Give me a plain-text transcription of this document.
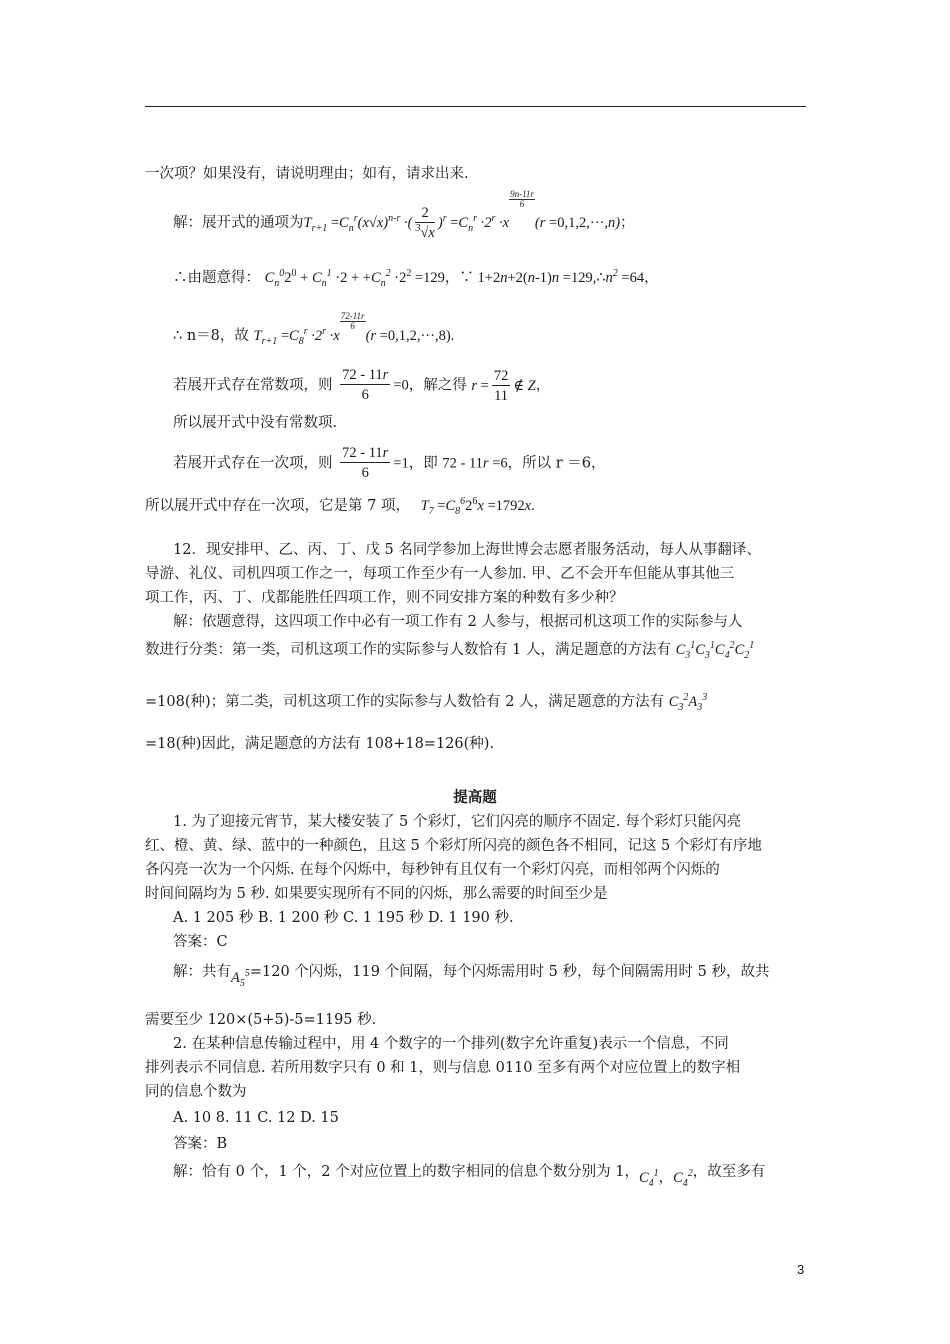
一次项？如果没有，请说明理由；如有，请求出来.
解：展开式的通项为$T_{r+1} =C_n^r(x√x)^{n-r}$ ·( $\frac{2}{^3√x} )^r =C_n^r \cdot 2^r \cdot x$
$\frac{9n-11r}{6}(r =0,1,2,\cdot\cdot\cdot,n)$；
∴由题意得： $C_n^02^0 + C_n^1 \cdot 2 + +C_n^2 \cdot 2^2 =129$，∵ $1+2n+2(n-1)n =129,\therefore n^2 =64$，
∴ n＝8，故 $T_{r+1} =C_8^r \cdot 2^r \cdot x$
$\frac{72-11r}{6}(r =0,1,2,\cdot\cdot\cdot,8)$.
若展开式存在常数项，则 $\frac{72 - 11r}{6} =0$，解之得 $r = \frac{72}{11}$ ∉ Z，
所以展开式中没有常数项.
若展开式存在一次项，则 $\frac{72 - 11r}{6} =1$，即 72 - 11r =6，所以 r ＝6，
所以展开式中存在一次项，它是第 7 项， $T_7 =C_8^62^6x =1792x$.
12．现安排甲、乙、丙、丁、戊 5 名同学参加上海世博会志愿者服务活动，每人从事翻译、
导游、礼仪、司机四项工作之一，每项工作至少有一人参加. 甲、乙不会开车但能从事其他三
项工作，丙、丁、戊都能胜任四项工作，则不同安排方案的种数有多少种？
解：依题意得，这四项工作中必有一项工作有 2 人参与，根据司机这项工作的实际参与人
数进行分类：第一类，司机这项工作的实际参与人数恰有 1 人，满足题意的方法有 $C_3^1C_3^1C_4^2C_2^1$
=108(种)；第二类，司机这项工作的实际参与人数恰有 2 人，满足题意的方法有 $C_3^2A_3^3$
=18(种)因此，满足题意的方法有 108+18=126(种).
提高题
1. 为了迎接元宵节，某大楼安装了 5 个彩灯，它们闪亮的顺序不固定. 每个彩灯只能闪亮
红、橙、黄、绿、蓝中的一种颜色，且这 5 个彩灯所闪亮的颜色各不相同，记这 5 个彩灯有序地
各闪亮一次为一个闪烁. 在每个闪烁中，每秒钟有且仅有一个彩灯闪亮，而相邻两个闪烁的
时间间隔均为 5 秒. 如果要实现所有不同的闪烁，那么需要的时间至少是
A. 1 205 秒 B. 1 200 秒 C. 1 195 秒 D. 1 190 秒.
答案：C
解：共有$A_5^5=120$ 个闪烁，119 个间隔，每个闪烁需用时 5 秒，每个间隔需用时 5 秒，故共
需要至少 120×(5+5)-5=1195 秒.
2. 在某种信息传输过程中，用 4 个数字的一个排列(数字允许重复)表示一个信息，不同
排列表示不同信息. 若所用数字只有 0 和 1，则与信息 0110 至多有两个对应位置上的数字相
同的信息个数为
A. 10 8. 11 C. 12 D. 15
答案：B
解：恰有 0 个，1 个，2 个对应位置上的数字相同的信息个数分别为 1，$C_4^1$，$C_4^2$，故至多有
3
